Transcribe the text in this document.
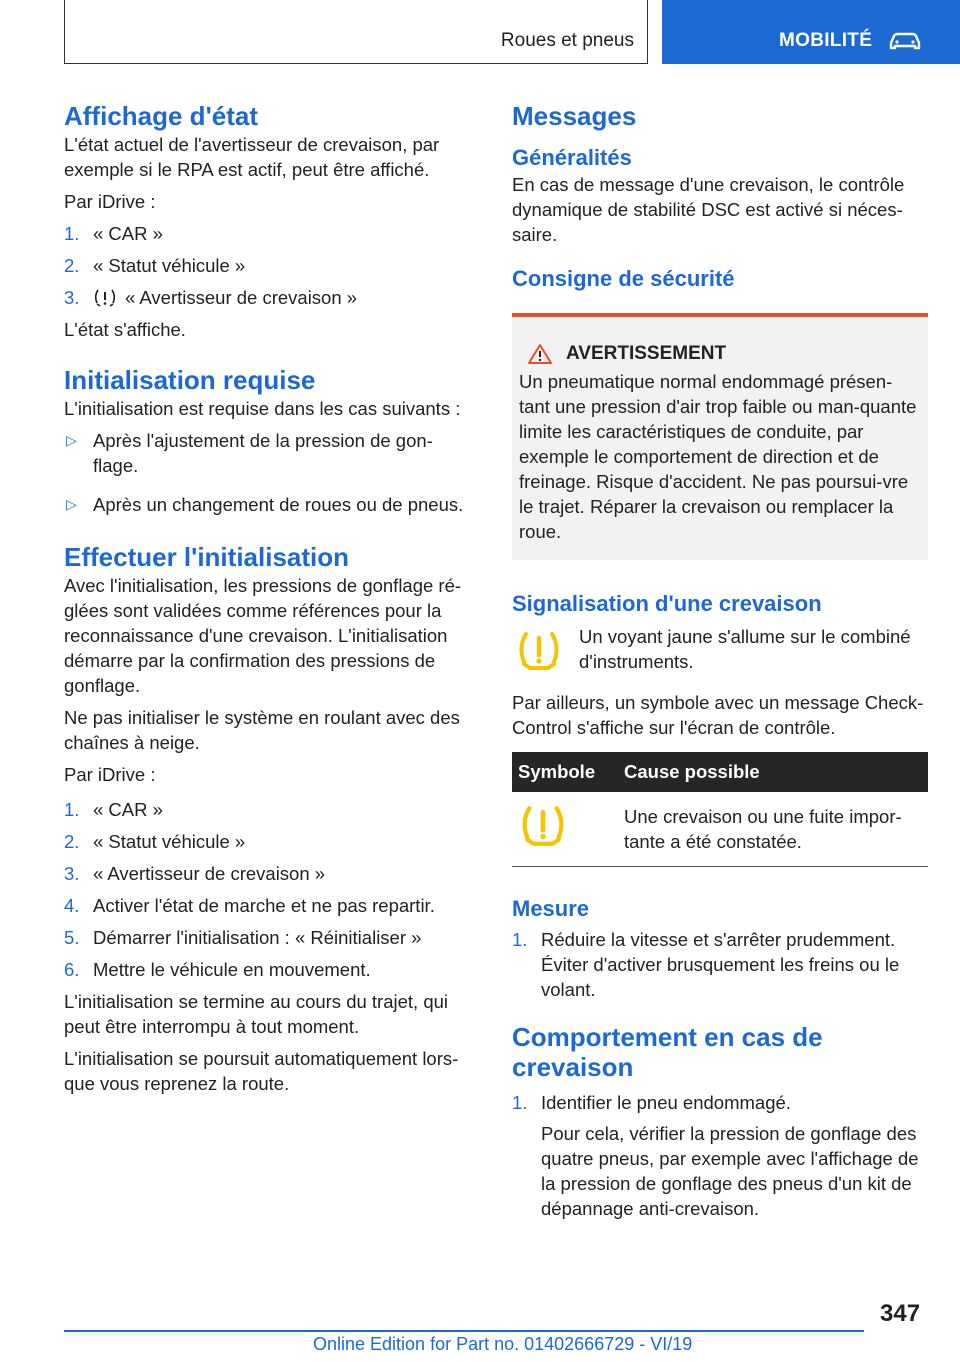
Roues et pneus	MOBILITÉ
Affichage d'état

L'état actuel de l'avertisseur de crevaison, par exemple si le RPA est actif, peut être affiché.

Par iDrive :

1. « CAR »
2. « Statut véhicule »
3. « Avertisseur de crevaison »

L'état s'affiche.

Initialisation requise

L'initialisation est requise dans les cas suivants :

▷ Après l'ajustement de la pression de gon-flage.
▷ Après un changement de roues ou de pneus.
Effectuer l'initialisation

Avec l'initialisation, les pressions de gonflage ré-glées sont validées comme références pour la reconnaissance d'une crevaison. L'initialisation démarre par la confirmation des pressions de gonflage.

Ne pas initialiser le système en roulant avec des chaînes à neige.

Par iDrive :

1. « CAR »
2. « Statut véhicule »
3. « Avertisseur de crevaison »
4. Activer l'état de marche et ne pas repartir.
5. Démarrer l'initialisation : « Réinitialiser »
6. Mettre le véhicule en mouvement.

L'initialisation se termine au cours du trajet, qui peut être interrompu à tout moment.

L'initialisation se poursuit automatiquement lors-que vous reprenez la route.

Messages
Généralités

En cas de message d'une crevaison, le contrôle dynamique de stabilité DSC est activé si néces-saire.

Consigne de sécurité
AVERTISSEMENT

Un pneumatique normal endommagé présen-tant une pression d'air trop faible ou man-quante limite les caractéristiques de conduite, par exemple le comportement de direction et de freinage. Risque d'accident. Ne pas poursui-vre le trajet. Réparer la crevaison ou remplacer la roue.

Signalisation d'une crevaison

Un voyant jaune s'allume sur le combiné d'instruments.

Par ailleurs, un symbole avec un message Check-Control s'affiche sur l'écran de contrôle.

Symbole	Cause possible
	Une crevaison ou une fuite impor-tante a été constatée.
Mesure
1. Réduire la vitesse et s'arrêter prudemment. Éviter d'activer brusquement les freins ou le volant.
Comportement en cas de crevaison
1. Identifier le pneu endommagé.

Pour cela, vérifier la pression de gonflage des quatre pneus, par exemple avec l'affichage de la pression de gonflage des pneus d'un kit de dépannage anti-crevaison.

347
Online Edition for Part no. 01402666729 - VI/19
